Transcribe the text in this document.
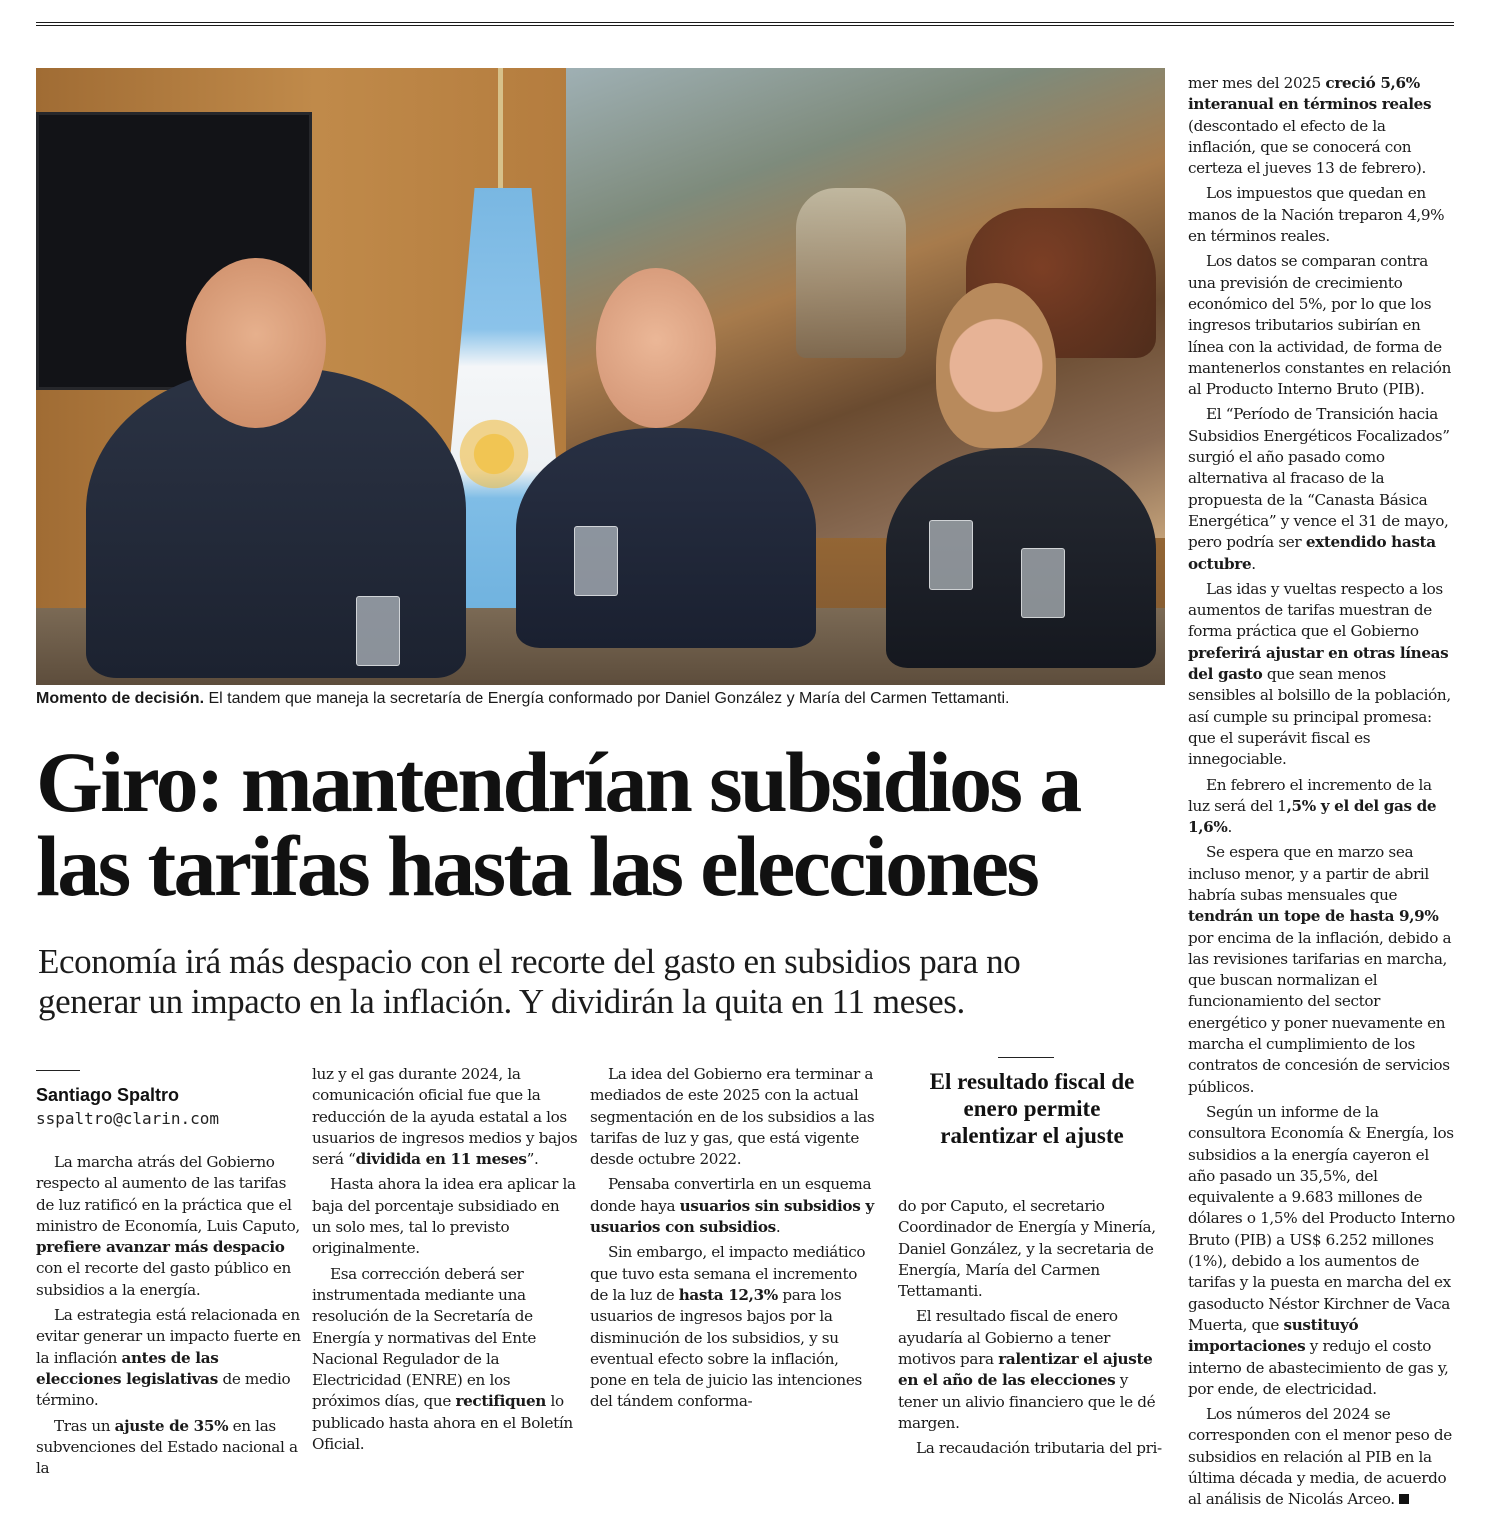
Momento de decisión. El tandem que maneja la secretaría de Energía conformado por Daniel González y María del Carmen Tettamanti.
Giro: mantendrían subsidios a
las tarifas hasta las elecciones
Economía irá más despacio con el recorte del gasto en subsidios para no
generar un impacto en la inflación. Y dividirán la quita en 11 meses.
Santiago Spaltro
sspaltro@clarin.com

La marcha atrás del Gobierno respecto al aumento de las tarifas de luz ratificó en la práctica que el ministro de Economía, Luis Caputo, prefiere avanzar más despacio con el recorte del gasto público en subsidios a la energía.

La estrategia está relacionada en evitar generar un impacto fuerte en la inflación antes de las elecciones legislativas de medio término.

Tras un ajuste de 35% en las subvenciones del Estado nacional a la

luz y el gas durante 2024, la comunicación oficial fue que la reducción de la ayuda estatal a los usuarios de ingresos medios y bajos será “dividida en 11 meses”.

Hasta ahora la idea era aplicar la baja del porcentaje subsidiado en un solo mes, tal lo previsto originalmente.

Esa corrección deberá ser instrumentada mediante una resolución de la Secretaría de Energía y normativas del Ente Nacional Regulador de la Electricidad (ENRE) en los próximos días, que rectifiquen lo publicado hasta ahora en el Boletín Oficial.

La idea del Gobierno era terminar a mediados de este 2025 con la actual segmentación en de los subsidios a las tarifas de luz y gas, que está vigente desde octubre 2022.

Pensaba convertirla en un esquema donde haya usuarios sin subsidios y usuarios con subsidios.

Sin embargo, el impacto mediático que tuvo esta semana el incremento de la luz de hasta 12,3% para los usuarios de ingresos bajos por la disminución de los subsidios, y su eventual efecto sobre la inflación, pone en tela de juicio las intenciones del tándem conforma-

El resultado fiscal de
enero permite
ralentizar el ajuste

do por Caputo, el secretario Coordinador de Energía y Minería, Daniel González, y la secretaria de Energía, María del Carmen Tettamanti.

El resultado fiscal de enero ayudaría al Gobierno a tener motivos para ralentizar el ajuste en el año de las elecciones y tener un alivio financiero que le dé margen.

La recaudación tributaria del pri-

mer mes del 2025 creció 5,6% interanual en términos reales (descontado el efecto de la inflación, que se conocerá con certeza el jueves 13 de febrero).

Los impuestos que quedan en manos de la Nación treparon 4,9% en términos reales.

Los datos se comparan contra una previsión de crecimiento económico del 5%, por lo que los ingresos tributarios subirían en línea con la actividad, de forma de mantenerlos constantes en relación al Producto Interno Bruto (PIB).

El “Período de Transición hacia Subsidios Energéticos Focalizados” surgió el año pasado como alternativa al fracaso de la propuesta de la “Canasta Básica Energética” y vence el 31 de mayo, pero podría ser extendido hasta octubre.

Las idas y vueltas respecto a los aumentos de tarifas muestran de forma práctica que el Gobierno preferirá ajustar en otras líneas del gasto que sean menos sensibles al bolsillo de la población, así cumple su principal promesa: que el superávit fiscal es innegociable.

En febrero el incremento de la luz será del 1,5% y el del gas de 1,6%.

Se espera que en marzo sea incluso menor, y a partir de abril habría subas mensuales que tendrán un tope de hasta 9,9% por encima de la inflación, debido a las revisiones tarifarias en marcha, que buscan normalizan el funcionamiento del sector energético y poner nuevamente en marcha el cumplimiento de los contratos de concesión de servicios públicos.

Según un informe de la consultora Economía & Energía, los subsidios a la energía cayeron el año pasado un 35,5%, del equivalente a 9.683 millones de dólares o 1,5% del Producto Interno Bruto (PIB) a US$ 6.252 millones (1%), debido a los aumentos de tarifas y la puesta en marcha del ex gasoducto Néstor Kirchner de Vaca Muerta, que sustituyó importaciones y redujo el costo interno de abastecimiento de gas y, por ende, de electricidad.

Los números del 2024 se corresponden con el menor peso de subsidios en relación al PIB en la última década y media, de acuerdo al análisis de Nicolás Arceo.
